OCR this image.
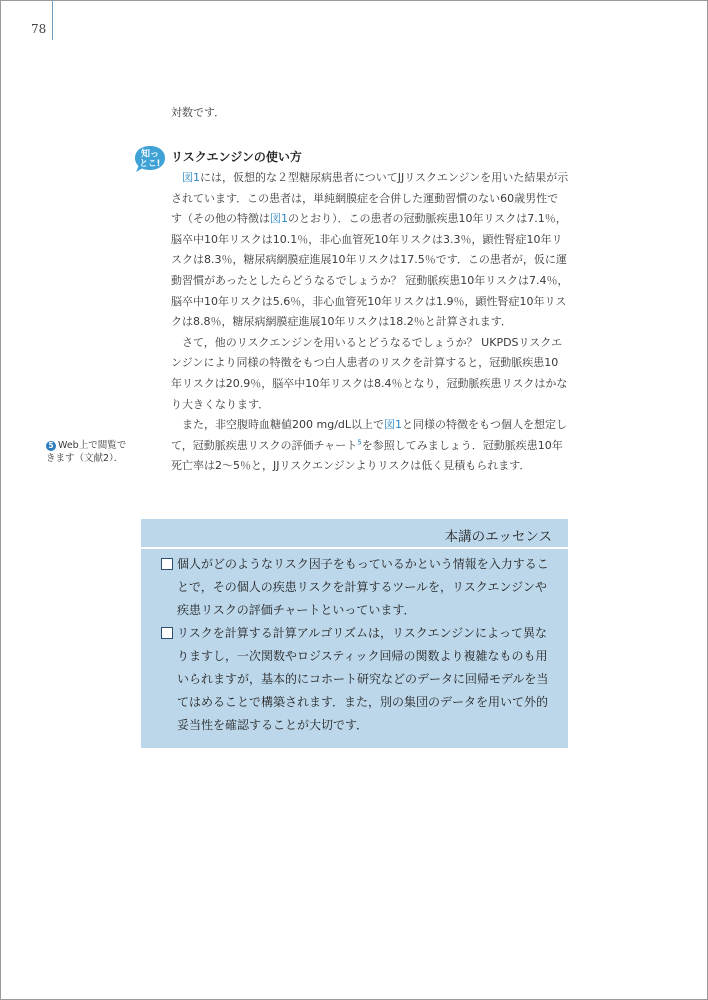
78

対数です．

知っ
とこ! リスクエンジンの使い方

図1には，仮想的な２型糖尿病患者についてJJリスクエンジンを用いた結果が示されています．この患者は，単純網膜症を合併した運動習慣のない60歳男性です（その他の特徴は図1のとおり）．この患者の冠動脈疾患10年リスクは7.1％，脳卒中10年リスクは10.1％，非心血管死10年リスクは3.3％，顕性腎症10年リスクは8.3％，糖尿病網膜症進展10年リスクは17.5％です．この患者が，仮に運動習慣があったとしたらどうなるでしょうか？ 冠動脈疾患10年リスクは7.4％，脳卒中10年リスクは5.6％，非心血管死10年リスクは1.9％，顕性腎症10年リスクは8.8％，糖尿病網膜症進展10年リスクは18.2％と計算されます．

さて，他のリスクエンジンを用いるとどうなるでしょうか？ UKPDSリスクエンジンにより同様の特徴をもつ白人患者のリスクを計算すると，冠動脈疾患10年リスクは20.9％，脳卒中10年リスクは8.4％となり，冠動脈疾患リスクはかなり大きくなります．

また，非空腹時血糖値200 mg/dL以上で図1と同様の特徴をもつ個人を想定して，冠動脈疾患リスクの評価チャート$^5$を参照してみましょう．冠動脈疾患10年死亡率は2〜5％と，JJリスクエンジンよりリスクは低く見積もられます．

5 Web上で閲覧できます（文献2）．
本講のエッセンス
個人がどのようなリスク因子をもっているかという情報を入力することで，その個人の疾患リスクを計算するツールを，リスクエンジンや疾患リスクの評価チャートといっています．
リスクを計算する計算アルゴリズムは，リスクエンジンによって異なりますし，一次関数やロジスティック回帰の関数より複雑なものも用いられますが，基本的にコホート研究などのデータに回帰モデルを当てはめることで構築されます．また，別の集団のデータを用いて外的妥当性を確認することが大切です．
